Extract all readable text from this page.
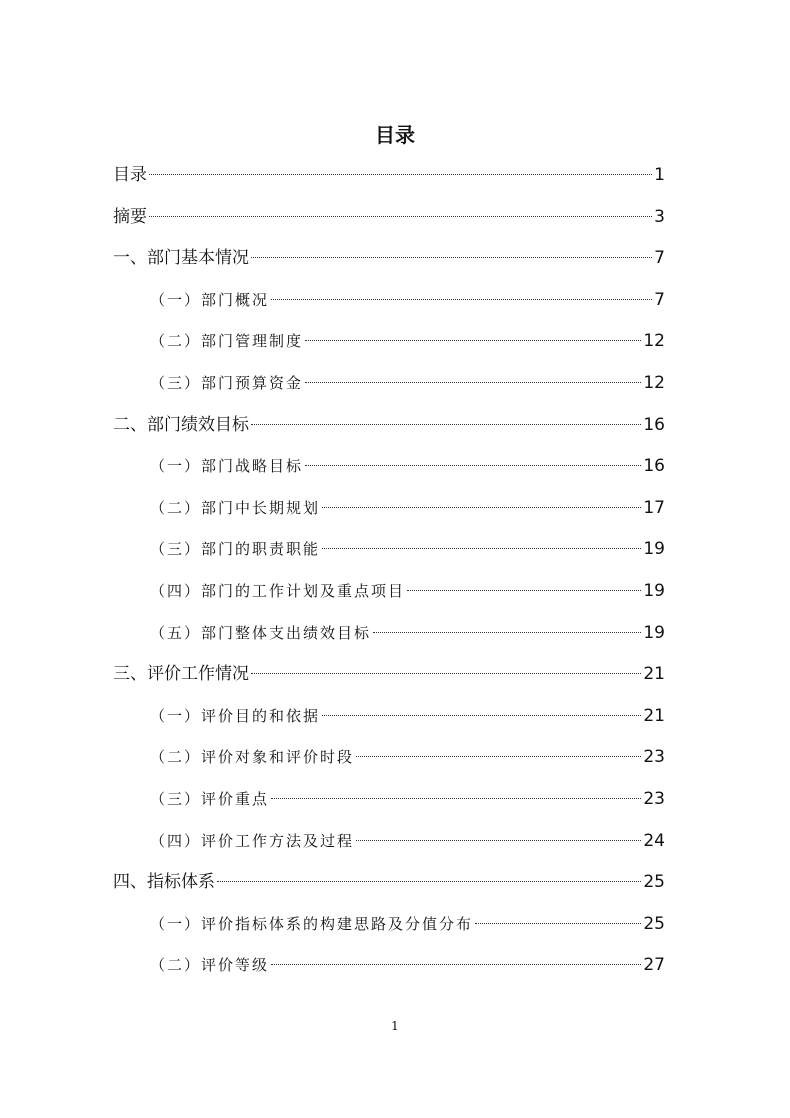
目录
目录	1
摘要	3
一、部门基本情况	7
（一）部门概况	7
（二）部门管理制度	12
（三）部门预算资金	12
二、部门绩效目标	16
（一）部门战略目标	16
（二）部门中长期规划	17
（三）部门的职责职能	19
（四）部门的工作计划及重点项目	19
（五）部门整体支出绩效目标	19
三、评价工作情况	21
（一）评价目的和依据	21
（二）评价对象和评价时段	23
（三）评价重点	23
（四）评价工作方法及过程	24
四、指标体系	25
（一）评价指标体系的构建思路及分值分布	25
（二）评价等级	27
1
